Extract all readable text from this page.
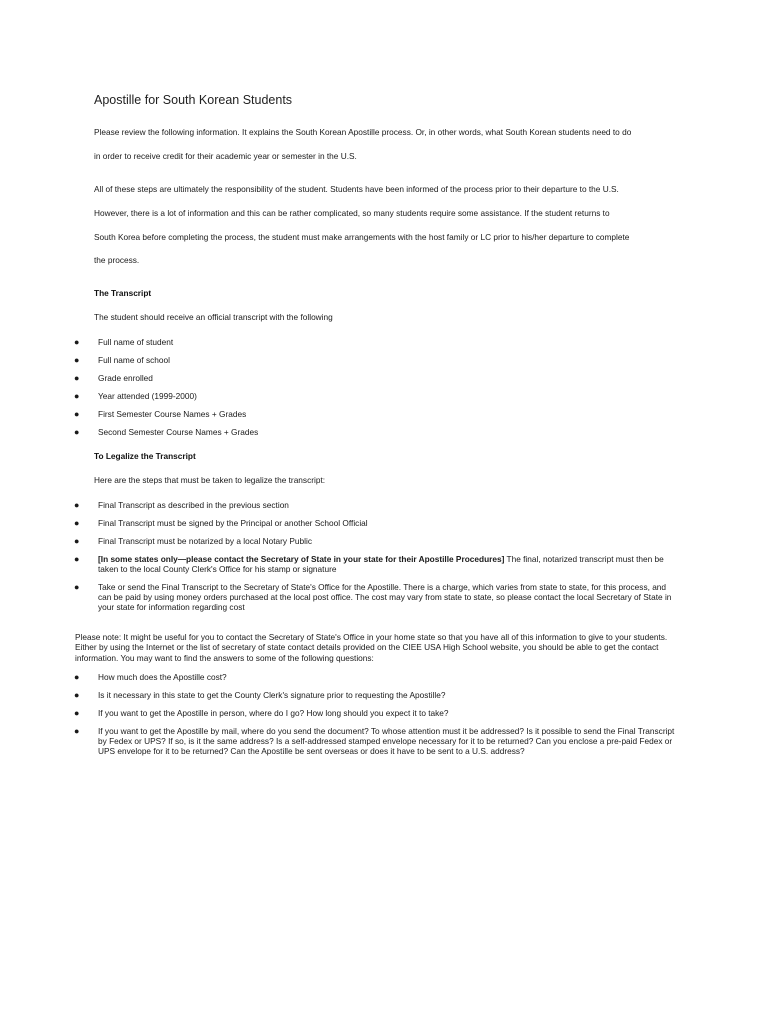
Apostille for South Korean Students
Please review the following information. It explains the South Korean Apostille process. Or, in other words, what South Korean students need to do
in order to receive credit for their academic year or semester in the U.S.
All of these steps are ultimately the responsibility of the student. Students have been informed of the process prior to their departure to the U.S.
However, there is a lot of information and this can be rather complicated, so many students require some assistance. If the student returns to
South Korea before completing the process, the student must make arrangements with the host family or LC prior to his/her departure to complete
the process.
The Transcript
The student should receive an official transcript with the following
● Full name of student
● Full name of school
● Grade enrolled
● Year attended (1999-2000)
● First Semester Course Names + Grades
● Second Semester Course Names + Grades
To Legalize the Transcript
Here are the steps that must be taken to legalize the transcript:
● Final Transcript as described in the previous section
● Final Transcript must be signed by the Principal or another School Official
● Final Transcript must be notarized by a local Notary Public
● [In some states only—please contact the Secretary of State in your state for their Apostille Procedures] The final, notarized transcript must then be taken to the local County Clerk's Office for his stamp or signature
● Take or send the Final Transcript to the Secretary of State's Office for the Apostille. There is a charge, which varies from state to state, for this process, and can be paid by using money orders purchased at the local post office. The cost may vary from state to state, so please contact the local Secretary of State in your state for information regarding cost
Please note: It might be useful for you to contact the Secretary of State's Office in your home state so that you have all of this information to give to your students. Either by using the Internet or the list of secretary of state contact details provided on the CIEE USA High School website, you should be able to get the contact information. You may want to find the answers to some of the following questions:
● How much does the Apostille cost?
● Is it necessary in this state to get the County Clerk's signature prior to requesting the Apostille?
● If you want to get the Apostille in person, where do I go? How long should you expect it to take?
● If you want to get the Apostille by mail, where do you send the document? To whose attention must it be addressed? Is it possible to send the Final Transcript by Fedex or UPS? If so, is it the same address? Is a self-addressed stamped envelope necessary for it to be returned? Can you enclose a pre-paid Fedex or UPS envelope for it to be returned? Can the Apostille be sent overseas or does it have to be sent to a U.S. address?
